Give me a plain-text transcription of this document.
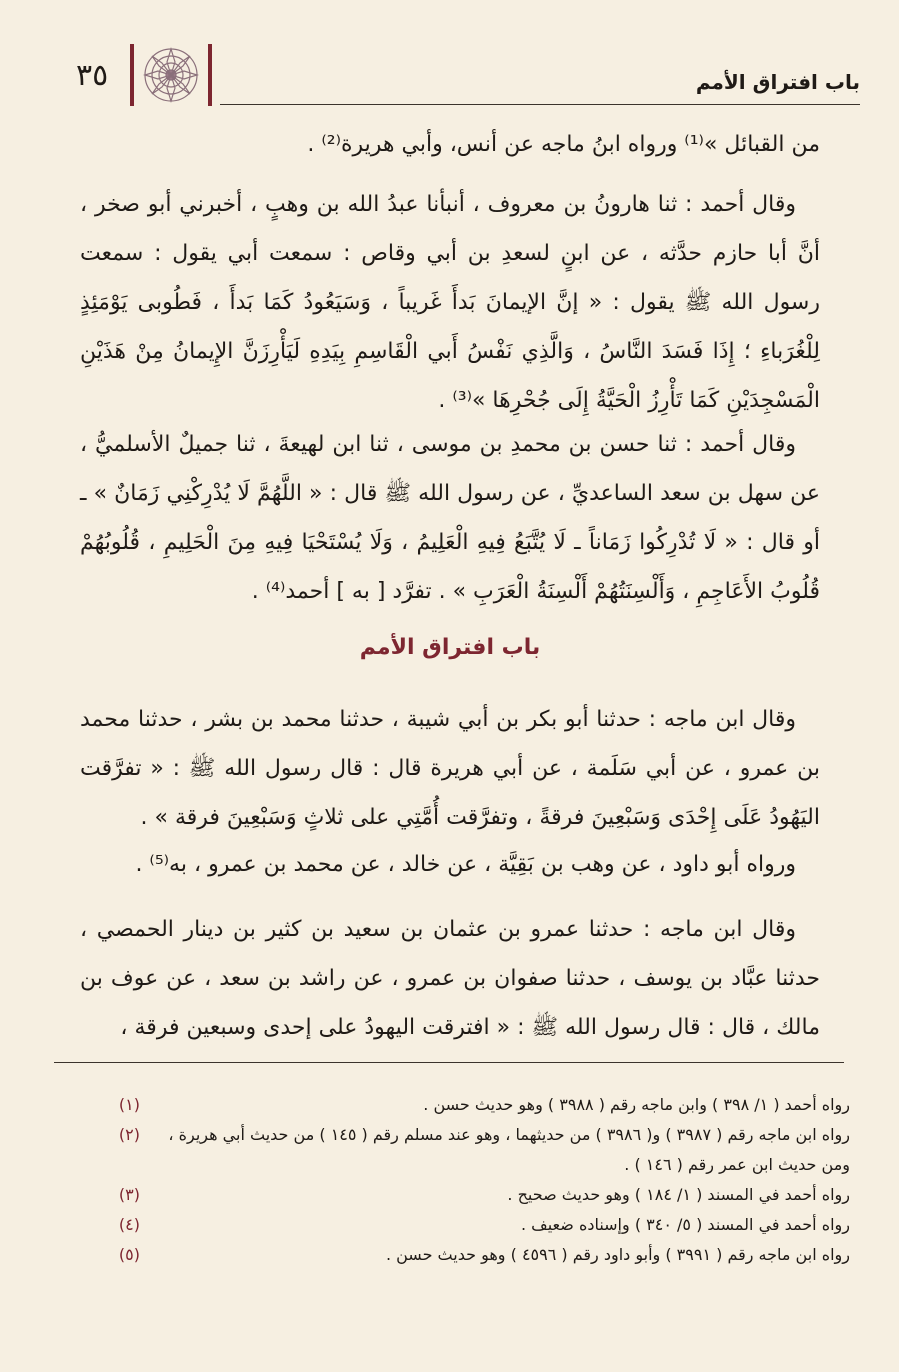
٣٥	باب افتراق الأمم
من القبائل »⁽¹⁾ ورواه ابنُ ماجه عن أنس، وأبي هريرة⁽²⁾ .
وقال أحمد : ثنا هارونُ بن معروف ، أنبأنا عبدُ الله بن وهبٍ ، أخبرني أبو صخر ، أنَّ أبا حازم حدَّثه ، عن ابنٍ لسعدِ بن أبي وقاص : سمعت أبي يقول : سمعت رسول الله ﷺ يقول : « إنَّ الإيمانَ بَدأَ غَريباً ، وَسَيَعُودُ كَمَا بَدأَ ، فَطُوبى يَوْمَئِذٍ لِلْغُرَباءِ ؛ إِذَا فَسَدَ النَّاسُ ، وَالَّذِي نَفْسُ أَبي الْقَاسِمِ بِيَدِهِ لَيَأْرِزَنَّ الإِيمانُ مِنْ هَذَيْنِ الْمَسْجِدَيْنِ كَمَا تَأْرِزُ الْحَيَّةُ إِلَى جُحْرِهَا »⁽³⁾ .
وقال أحمد : ثنا حسن بن محمدِ بن موسى ، ثنا ابن لهيعةَ ، ثنا جميلٌ الأسلميُّ ، عن سهل بن سعد الساعديِّ ، عن رسول الله ﷺ قال : « اللَّهُمَّ لَا يُدْرِكْنِي زَمَانٌ » ـ أو قال : « لَا تُدْرِكُوا زَمَاناً ـ لَا يُتَّبَعُ فِيهِ الْعَلِيمُ ، وَلَا يُسْتَحْيَا فِيهِ مِنَ الْحَلِيمِ ، قُلُوبُهُمْ قُلُوبُ الأَعَاجِمِ ، وَأَلْسِنَتُهُمْ أَلْسِنَةُ الْعَرَبِ » . تفرَّد [ به ] أحمد⁽⁴⁾ .
باب افتراق الأمم
وقال ابن ماجه : حدثنا أبو بكر بن أبي شيبة ، حدثنا محمد بن بشر ، حدثنا محمد بن عمرو ، عن أبي سَلَمة ، عن أبي هريرة قال : قال رسول الله ﷺ : « تفرَّقت اليَهُودُ عَلَى إِحْدَى وَسَبْعِينَ فرقةً ، وتفرَّقت أُمَّتِي على ثلاثٍ وَسَبْعِينَ فرقة » .
ورواه أبو داود ، عن وهب بن بَقِيَّة ، عن خالد ، عن محمد بن عمرو ، به⁽⁵⁾ .
وقال ابن ماجه : حدثنا عمرو بن عثمان بن سعيد بن كثير بن دينار الحمصي ، حدثنا عبَّاد بن يوسف ، حدثنا صفوان بن عمرو ، عن راشد بن سعد ، عن عوف بن مالك ، قال : قال رسول الله ﷺ : « افترقت اليهودُ على إحدى وسبعين فرقة ،
رواه أحمد ( ١/ ٣٩٨ ) وابن ماجه رقم ( ٣٩٨٨ ) وهو حديث حسن .
(١)
رواه ابن ماجه رقم ( ٣٩٨٧ ) و( ٣٩٨٦ ) من حديثهما ، وهو عند مسلم رقم ( ١٤٥ ) من حديث أبي هريرة ، ومن حديث ابن عمر رقم ( ١٤٦ ) .
(٢)
رواه أحمد في المسند ( ١/ ١٨٤ ) وهو حديث صحيح .
(٣)
رواه أحمد في المسند ( ٥/ ٣٤٠ ) وإسناده ضعيف .
(٤)
رواه ابن ماجه رقم ( ٣٩٩١ ) وأبو داود رقم ( ٤٥٩٦ ) وهو حديث حسن .
(٥)
